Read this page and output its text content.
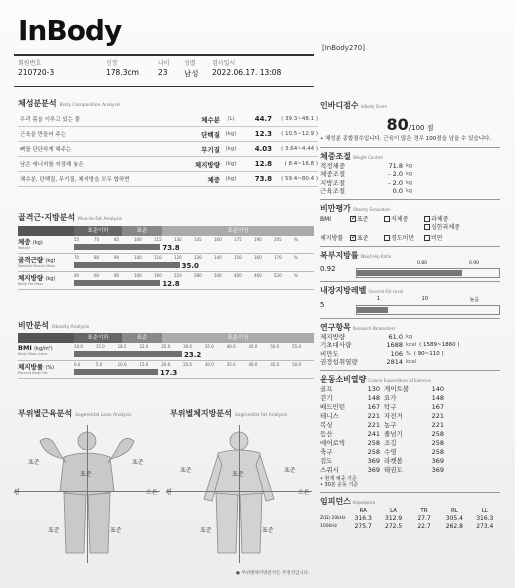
InBody
[InBody270]
회원번호
210720-3
신장
178.3cm
나이
23
성별
남성
검사일시
2022.06.17. 13:08
체성분분석 Body Composition Analysis
우리 몸을 이루고 있는 물	체수분	(L)	44.7	( 39.3~48.1 )
근육을 만들어 주는	단백질	(kg)	12.3	( 10.5~12.9 )
뼈를 단단하게 해주는	무기질	(kg)	4.03	( 3.64~4.44 )
남은 에너지를 저장해 놓은	체지방량	(kg)	12.8	( 8.4~16.8 )
체수분, 단백질, 무기질, 체지방을 모두 합하면	체중	(kg)	73.8	( 59.4~80.4 )
골격근·지방분석 Muscle-Fat Analysis
표준이하	표준	표준이상
체중 (kg)
Weight
55	70	85	100	115	130	145	160	175	190	205	%
73.8
골격근량 (kg)
Skeletal Muscle Mass
70	80	90	100	110	120	130	140	150	160	170	%
35.0
체지방량 (kg)
Body Fat Mass
40	60	80	100	160	220	280	340	400	460	520	%
12.8
비만분석 Obesity Analysis
표준이하	표준	표준이상
BMI (kg/m²)
Body Mass Index
10.0	15.0	18.5	22.0	25.0	30.0	35.0	40.0	45.0	50.0	55.0
23.2
체지방률 (%)
Percent Body Fat
0.0	5.0	10.0	15.0	20.0	25.0	30.0	35.0	40.0	45.0	50.0
17.3
부위별근육분석 Segmental Lean Analysis
표준	표준
표준
표준	표준
왼	오른
부위별체지방분석 Segmental Fat Analysis
표준	표준
표준
표준	표준
왼	오른
● 부위별체지방분석은 추정치입니다.
인바디점수 InBody Score
80/100 점
• 체성분 종합점수입니다. 근육이 많은 경우 100점을 넘을 수 있습니다.
체중조절 Weight Control
적정체중	71.8 kg
체중조절	- 2.0 kg
지방조절	- 2.0 kg
근육조절	0.0 kg
비만평가 Obesity Evaluation
BMI ✓	표준	저체중	과체중
심한과체중
체지방률 ✓	표준	경도비만	비만
복부지방률 Waist-Hip Ratio
0.92
0.80	0.90
내장지방레벨 Visceral Fat Level
5
1	10	높음
연구항목 Research Parameters
제지방량	61.0 kg
기초대사량	1688 kcal ( 1589~1860 )
비만도	106 % ( 90~110 )
권장섭취열량	2814 kcal
운동소비열량 Calorie Expenditure of Exercise
골프	130 게이트볼	140
걷기	148 요가	148
배드민턴	167 탁구	167
테니스	221 자전거	221
복싱	221 농구	221
등산	241 줄넘기	258
에어로빅	258 조깅	258
축구	258 수영	258
검도	369 라켓볼	369
스쿼시	369 태권도	369
• 현재 체중 기준
• 30분 운동 기준
임피던스 Impedance
RA	LA	TR	RL	LL
Z(Ω) 20kHz	316.3	312.9	27.7	305.4	316.3
100kHz	275.7	272.5	22.7	262.8	273.4
